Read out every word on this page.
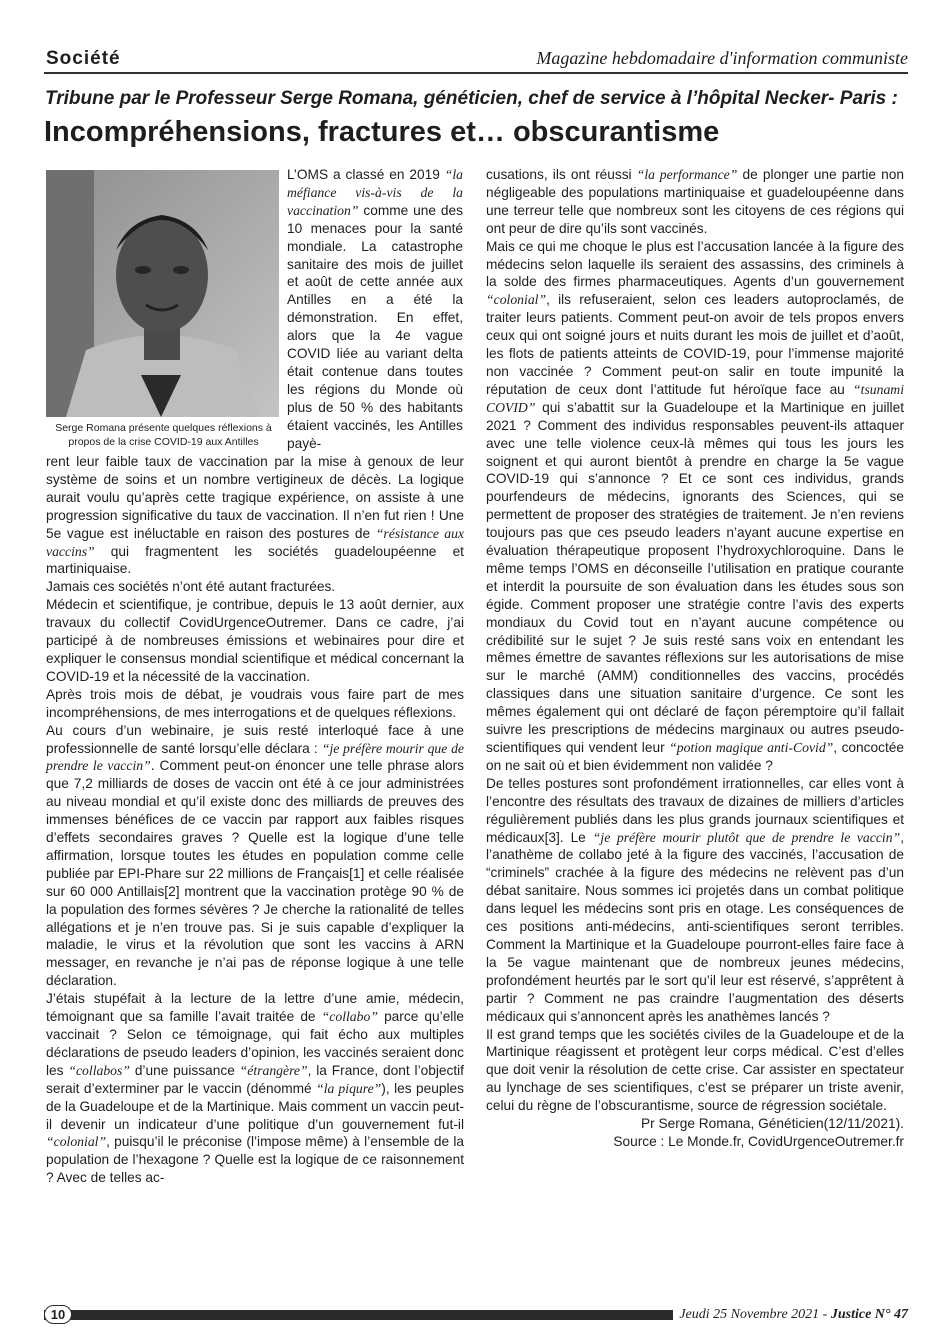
Société	Magazine hebdomadaire d'information communiste
Tribune par le Professeur Serge Romana, généticien, chef de service à l’hôpital Necker- Paris :
Incompréhensions, fractures et… obscurantisme
Serge Romana présente quelques réflexions à propos de la crise COVID-19 aux Antilles

L’OMS a classé en 2019 “la méfiance vis-à-vis de la vaccination” comme une des 10 menaces pour la santé mondiale. La catastrophe sanitaire des mois de juillet et août de cette année aux Antilles en a été la démonstration. En effet, alors que la 4e vague COVID liée au variant delta était contenue dans toutes les régions du Monde où plus de 50 % des habitants étaient vaccinés, les Antilles payè-

rent leur faible taux de vaccination par la mise à genoux de leur système de soins et un nombre vertigineux de décès. La logique aurait voulu qu’après cette tragique expérience, on assiste à une progression significative du taux de vaccination. Il n’en fut rien ! Une 5e vague est inéluctable en raison des postures de “résistance aux vaccins” qui fragmentent les sociétés guadeloupéenne et martiniquaise.

Jamais ces sociétés n’ont été autant fracturées.

Médecin et scientifique, je contribue, depuis le 13 août dernier, aux travaux du collectif CovidUrgenceOutremer. Dans ce cadre, j’ai participé à de nombreuses émissions et webinaires pour dire et expliquer le consensus mondial scientifique et médical concernant la COVID-19 et la nécessité de la vaccination.

Après trois mois de débat, je voudrais vous faire part de mes incompréhensions, de mes interrogations et de quelques réflexions.

Au cours d’un webinaire, je suis resté interloqué face à une professionnelle de santé lorsqu’elle déclara : “je préfère mourir que de prendre le vaccin”. Comment peut-on énoncer une telle phrase alors que 7,2 milliards de doses de vaccin ont été à ce jour administrées au niveau mondial et qu’il existe donc des milliards de preuves des immenses bénéfices de ce vaccin par rapport aux faibles risques d’effets secondaires graves ? Quelle est la logique d’une telle affirmation, lorsque toutes les études en population comme celle publiée par EPI-Phare sur 22 millions de Français[1] et celle réalisée sur 60 000 Antillais[2] montrent que la vaccination protège 90 % de la population des formes sévères ? Je cherche la rationalité de telles allégations et je n’en trouve pas. Si je suis capable d’expliquer la maladie, le virus et la révolution que sont les vaccins à ARN messager, en revanche je n’ai pas de réponse logique à une telle déclaration.

J’étais stupéfait à la lecture de la lettre d’une amie, médecin, témoignant que sa famille l’avait traitée de “collabo” parce qu’elle vaccinait ? Selon ce témoignage, qui fait écho aux multiples déclarations de pseudo leaders d’opinion, les vaccinés seraient donc les “collabos” d’une puissance “étrangère”, la France, dont l’objectif serait d’exterminer par le vaccin (dénommé “la piqure”), les peuples de la Guadeloupe et de la Martinique. Mais comment un vaccin peut-il devenir un indicateur d’une politique d’un gouvernement fut-il “colonial”, puisqu’il le préconise (l’impose même) à l’ensemble de la population de l’hexagone ? Quelle est la logique de ce raisonnement ? Avec de telles ac-

cusations, ils ont réussi “la performance” de plonger une partie non négligeable des populations martiniquaise et guadeloupéenne dans une terreur telle que nombreux sont les citoyens de ces régions qui ont peur de dire qu’ils sont vaccinés.

Mais ce qui me choque le plus est l’accusation lancée à la figure des médecins selon laquelle ils seraient des assassins, des criminels à la solde des firmes pharmaceutiques. Agents d’un gouvernement “colonial”, ils refuseraient, selon ces leaders autoproclamés, de traiter leurs patients. Comment peut-on avoir de tels propos envers ceux qui ont soigné jours et nuits durant les mois de juillet et d’août, les flots de patients atteints de COVID-19, pour l’immense majorité non vaccinée ? Comment peut-on salir en toute impunité la réputation de ceux dont l’attitude fut héroïque face au “tsunami COVID” qui s’abattit sur la Guadeloupe et la Martinique en juillet 2021 ? Comment des individus responsables peuvent-ils attaquer avec une telle violence ceux-là mêmes qui tous les jours les soignent et qui auront bientôt à prendre en charge la 5e vague COVID-19 qui s’annonce ? Et ce sont ces individus, grands pourfendeurs de médecins, ignorants des Sciences, qui se permettent de proposer des stratégies de traitement. Je n’en reviens toujours pas que ces pseudo leaders n’ayant aucune expertise en évaluation thérapeutique proposent l’hydroxychloroquine. Dans le même temps l’OMS en déconseille l’utilisation en pratique courante et interdit la poursuite de son évaluation dans les études sous son égide. Comment proposer une stratégie contre l’avis des experts mondiaux du Covid tout en n’ayant aucune compétence ou crédibilité sur le sujet ? Je suis resté sans voix en entendant les mêmes émettre de savantes réflexions sur les autorisations de mise sur le marché (AMM) conditionnelles des vaccins, procédés classiques dans une situation sanitaire d’urgence. Ce sont les mêmes également qui ont déclaré de façon péremptoire qu’il fallait suivre les prescriptions de médecins marginaux ou autres pseudo-scientifiques qui vendent leur “potion magique anti-Covid”, concoctée on ne sait où et bien évidemment non validée ?

De telles postures sont profondément irrationnelles, car elles vont à l’encontre des résultats des travaux de dizaines de milliers d’articles régulièrement publiés dans les plus grands journaux scientifiques et médicaux[3]. Le “je préfère mourir plutôt que de prendre le vaccin”, l’anathème de collabo jeté à la figure des vaccinés, l’accusation de “criminels” crachée à la figure des médecins ne relèvent pas d’un débat sanitaire. Nous sommes ici projetés dans un combat politique dans lequel les médecins sont pris en otage. Les conséquences de ces positions anti-médecins, anti-scientifiques seront terribles. Comment la Martinique et la Guadeloupe pourront-elles faire face à la 5e vague maintenant que de nombreux jeunes médecins, profondément heurtés par le sort qu’il leur est réservé, s’apprêtent à partir ? Comment ne pas craindre l’augmentation des déserts médicaux qui s’annoncent après les anathèmes lancés ?

Il est grand temps que les sociétés civiles de la Guadeloupe et de la Martinique réagissent et protègent leur corps médical. C’est d’elles que doit venir la résolution de cette crise. Car assister en spectateur au lynchage de ses scientifiques, c’est se préparer un triste avenir, celui du règne de l’obscurantisme, source de régression sociétale.

Pr Serge Romana, Généticien(12/11/2021).

Source : Le Monde.fr, CovidUrgenceOutremer.fr

10	Jeudi 25 Novembre 2021 - Justice N° 47
